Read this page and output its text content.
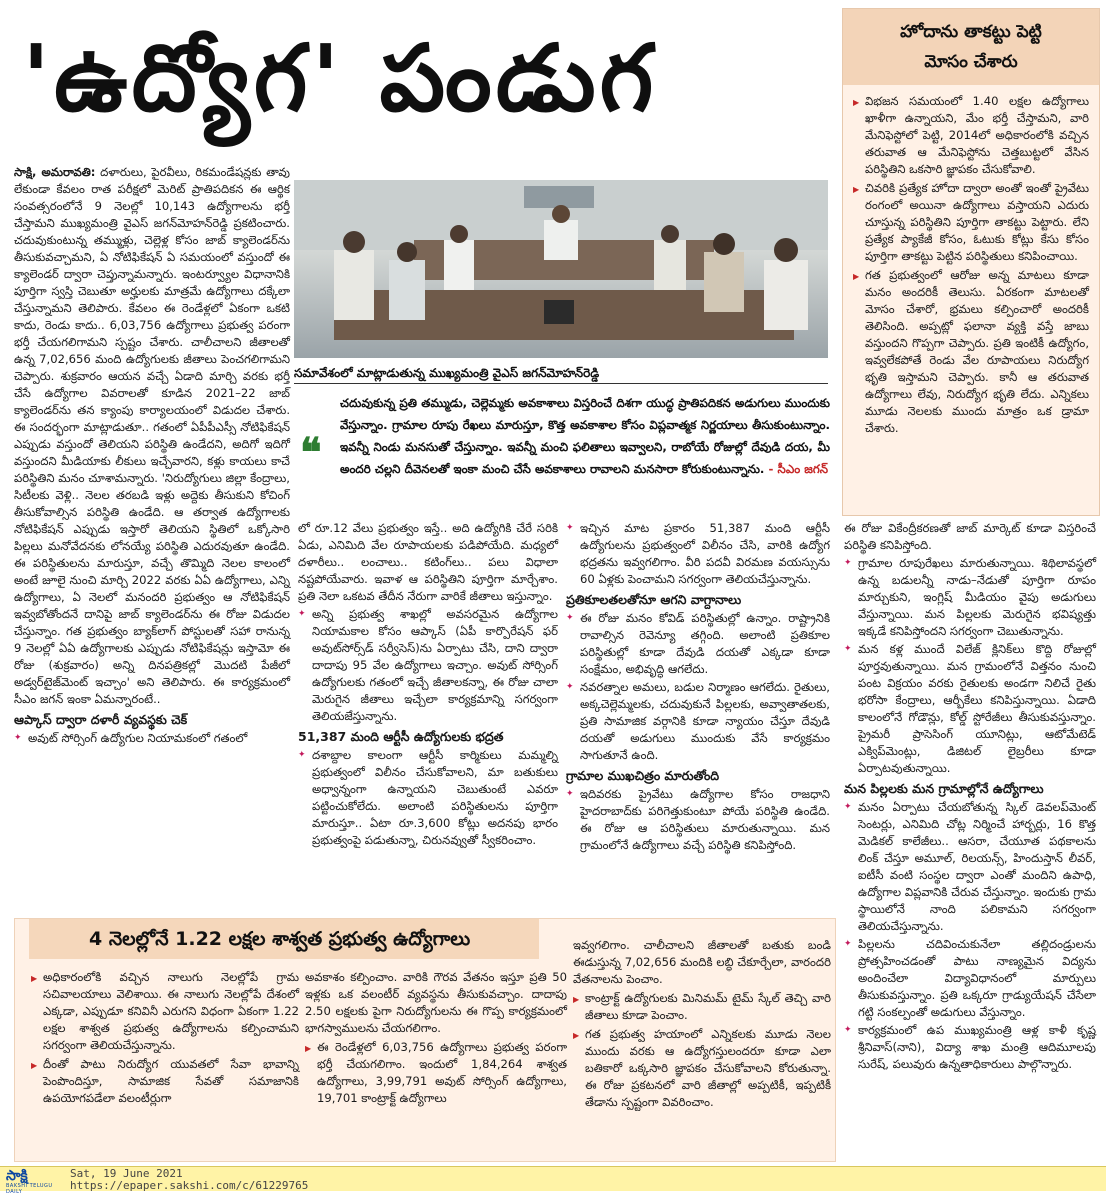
'ఉద్యోగ' పండుగ

సాక్షి, అమరావతి: దళారులు, పైరవీలు, రికమండేషన్లకు తావు లేకుండా కేవలం రాత పరీక్షలో మెరిట్ ప్రాతిపదికన ఈ ఆర్థిక సంవత్సరంలోనే 9 నెలల్లో 10,143 ఉద్యోగాలను భర్తీ చేస్తామని ముఖ్యమంత్రి వైఎస్ జగన్‌మోహన్‌రెడ్డి ప్రకటించారు. చదువుకుంటున్న తమ్ముళ్లు, చెల్లెళ్ల కోసం జాబ్ క్యాలెండర్‌ను తీసుకువచ్చామని, ఏ నోటిఫికేషన్ ఏ సమయంలో వస్తుందో ఈ క్యాలెండర్ ద్వారా చెప్తున్నామన్నారు. ఇంటర్వ్యూల విధానానికి పూర్తిగా స్వస్తి చెబుతూ అర్హులకు మాత్రమే ఉద్యోగాలు దక్కేలా చేస్తున్నామని తెలిపారు. కేవలం ఈ రెండేళ్లలో ఏకంగా ఒకటి కాదు, రెండు కాదు.. 6,03,756 ఉద్యోగాలు ప్రభుత్వ పరంగా భర్తీ చేయగలిగామని స్పష్టం చేశారు. చాలీచాలని జీతాలతో ఉన్న 7,02,656 మంది ఉద్యోగులకు జీతాలు పెంచగలిగామని చెప్పారు. శుక్రవారం ఆయన వచ్చే ఏడాది మార్చి వరకు భర్తీ చేసే ఉద్యోగాల వివరాలతో కూడిన 2021–22 జాబ్ క్యాలెండర్‌ను తన క్యాంపు కార్యాలయంలో విడుదల చేశారు. ఈ సందర్భంగా మాట్లాడుతూ.. గతంలో ఏపీపీఎస్సీ నోటిఫికేషన్ ఎప్పుడు వస్తుందో తెలియని పరిస్థితి ఉండేదని, అదిగో ఇదిగో వస్తుందని మీడియాకు లీకులు ఇచ్చేవారని, కళ్లు కాయలు కాచే పరిస్థితిని మనం చూశామన్నారు. 'నిరుద్యోగులు జిల్లా కేంద్రాలు, సిటీలకు వెళ్లి.. నెలల తరబడి ఇళ్లు అద్దెకు తీసుకుని కోచింగ్ తీసుకోవాల్సిన పరిస్థితి ఉండేది. ఆ తర్వాత ఉద్యోగాలకు నోటిఫికేషన్ ఎప్పుడు ఇస్తారో తెలియని స్థితిలో ఒక్కోసారి పిల్లలు మనోవేదనకు లోనయ్యే పరిస్థితి ఎదురవుతూ ఉండేది. ఈ పరిస్థితులను మారుస్తూ, వచ్చే తొమ్మిది నెలల కాలంలో అంటే జూలై నుంచి మార్చి 2022 వరకు ఏఏ ఉద్యోగాలు, ఎన్ని ఉద్యోగాలు, ఏ నెలలో మనందరి ప్రభుత్వం ఆ నోటిఫికేషన్ ఇవ్వబోతోందనే దానిపై జాబ్ క్యాలెండర్‌ను ఈ రోజు విడుదల చేస్తున్నాం. గత ప్రభుత్వం బ్యాక్‌లాగ్ పోస్టులతో సహా రానున్న 9 నెలల్లో ఏఏ ఉద్యోగాలకు ఎప్పుడు నోటిఫికేషన్లు ఇస్తామో ఈ రోజు (శుక్రవారం) అన్ని దినపత్రికల్లో మొదటి పేజీలో అడ్వర్‌టైజ్‌మెంట్ ఇచ్చాం' అని తెలిపారు. ఈ కార్యక్రమంలో సీఎం జగన్ ఇంకా ఏమన్నారంటే..

ఆప్కాస్ ద్వారా దళారీ వ్యవస్థకు చెక్

✦ అవుట్ సోర్సింగ్ ఉద్యోగుల నియామకంలో గతంలో

సమావేశంలో మాట్లాడుతున్న ముఖ్యమంత్రి వైఎస్ జగన్‌మోహన్‌రెడ్డి
❝
చదువుకున్న ప్రతి తమ్ముడు, చెల్లెమ్మకు అవకాశాలు విస్తరించే దిశగా యుద్ధ ప్రాతిపదికన అడుగులు ముందుకు వేస్తున్నాం. గ్రామాల రూపు రేఖలు మారుస్తూ, కొత్త అవకాశాల కోసం విప్లవాత్మక నిర్ణయాలు తీసుకుంటున్నాం. ఇవన్నీ నిండు మనసుతో చేస్తున్నాం. ఇవన్నీ మంచి ఫలితాలు ఇవ్వాలని, రాబోయే రోజుల్లో దేవుడి దయ, మీ అందరి చల్లని దీవెనలతో ఇంకా మంచి చేసే అవకాశాలు రావాలని మనసారా కోరుకుంటున్నాను. - సీఎం జగన్

లో రూ.12 వేలు ప్రభుత్వం ఇస్తే.. అది ఉద్యోగికి చేరే సరికి ఏడు, ఎనిమిది వేల రూపాయలకు పడిపోయేది. మధ్యలో దళారీలు.. లంచాలు.. కటింగ్‌లు.. పలు విధాలా నష్టపోయేవారు. ఇవాళ ఆ పరిస్థితిని పూర్తిగా మార్చేశాం. ప్రతి నెలా ఒకటవ తేదీన నేరుగా వారికే జీతాలు ఇస్తున్నాం.

✦ అన్ని ప్రభుత్వ శాఖల్లో అవసరమైన ఉద్యోగాల నియామకాల కోసం ఆప్కాస్ (ఏపీ కార్పొరేషన్ ఫర్ అవుట్‌సోర్స్‌డ్ సర్వీసెస్)ను ఏర్పాటు చేసి, దాని ద్వారా దాదాపు 95 వేల ఉద్యోగాలు ఇచ్చాం. అవుట్ సోర్సింగ్ ఉద్యోగులకు గతంలో ఇచ్చే జీతాలకన్నా, ఈ రోజు చాలా మెరుగైన జీతాలు ఇచ్చేలా కార్యక్రమాన్ని సగర్వంగా తెలియజేస్తున్నాను.

51,387 మంది ఆర్టీసీ ఉద్యోగులకు భద్రత

✦ దశాబ్దాల కాలంగా ఆర్టీసీ కార్మికులు మమ్మల్ని ప్రభుత్వంలో విలీనం చేసుకోవాలని, మా బతుకులు అధ్వాన్నంగా ఉన్నాయని చెబుతుంటే ఎవరూ పట్టించుకోలేదు. అలాంటి పరిస్థితులను పూర్తిగా మారుస్తూ.. ఏటా రూ.3,600 కోట్లు అదనపు భారం ప్రభుత్వంపై పడుతున్నా, చిరునవ్వుతో స్వీకరించాం.

✦ ఇచ్చిన మాట ప్రకారం 51,387 మంది ఆర్టీసీ ఉద్యోగులను ప్రభుత్వంలో విలీనం చేసి, వారికి ఉద్యోగ భద్రతను ఇవ్వగలిగాం. వీరి పదవీ విరమణ వయస్సును 60 ఏళ్లకు పెంచామని సగర్వంగా తెలియచేస్తున్నాను.

ప్రతికూలతలతోనూ ఆగని వాగ్దానాలు

✦ ఈ రోజు మనం కోవిడ్ పరిస్థితుల్లో ఉన్నాం. రాష్ట్రానికి రావాల్సిన రెవెన్యూ తగ్గింది. అలాంటి ప్రతికూల పరిస్థితుల్లో కూడా దేవుడి దయతో ఎక్కడా కూడా సంక్షేమం, అభివృద్ధి ఆగలేదు.

✦ నవరత్నాల అమలు, బడుల నిర్మాణం ఆగలేదు. రైతులు, అక్కచెల్లెమ్మలకు, చదువుకునే పిల్లలకు, అవ్వాతాతలకు, ప్రతి సామాజిక వర్గానికి కూడా న్యాయం చేస్తూ దేవుడి దయతో అడుగులు ముందుకు వేసే కార్యక్రమం సాగుతూనే ఉంది.

గ్రామాల ముఖచిత్రం మారుతోంది

✦ ఇదివరకు ప్రైవేటు ఉద్యోగాల కోసం రాజధాని హైదరాబాద్‌కు పరిగెత్తుకుంటూ పోయే పరిస్థితి ఉండేది. ఈ రోజు ఆ పరిస్థితులు మారుతున్నాయి. మన గ్రామంలోనే ఉద్యోగాలు వచ్చే పరిస్థితి కనిపిస్తోంది.

హోదాను తాకట్టు పెట్టి
మోసం చేశారు

▶ విభజన సమయంలో 1.40 లక్షల ఉద్యోగాలు ఖాళీగా ఉన్నాయని, మేం భర్తీ చేస్తామని, వారి మేనిఫెస్టోలో పెట్టి, 2014లో అధికారంలోకి వచ్చిన తరువాత ఆ మేనిఫెస్టోను చెత్తబుట్టలో వేసిన పరిస్థితిని ఒకసారి జ్ఞాపకం చేసుకోవాలి.

▶ చివరికి ప్రత్యేక హోదా ద్వారా అంతో ఇంతో ప్రైవేటు రంగంలో అయినా ఉద్యోగాలు వస్తాయని ఎదురు చూస్తున్న పరిస్థితిని పూర్తిగా తాకట్టు పెట్టారు. లేని ప్రత్యేక ప్యాకేజీ కోసం, ఓటుకు కోట్లు కేసు కోసం పూర్తిగా తాకట్టు పెట్టిన పరిస్థితులు కనిపించాయి.

▶ గత ప్రభుత్వంలో ఆరోజు అన్న మాటలు కూడా మనం అందరికీ తెలుసు. ఏరకంగా మాటలతో మోసం చేశారో, భ్రమలు కల్పించారో అందరికీ తెలిసింది. అప్పట్లో ఫలానా వ్యక్తి వస్తే జాబు వస్తుందని గొప్పగా చెప్పారు. ప్రతి ఇంటికీ ఉద్యోగం, ఇవ్వలేకపోతే రెండు వేల రూపాయలు నిరుద్యోగ భృతి ఇస్తామని చెప్పారు. కానీ ఆ తరువాత ఉద్యోగాలు లేవు, నిరుద్యోగ భృతి లేదు. ఎన్నికలు మూడు నెలలకు ముందు మాత్రం ఒక డ్రామా చేశారు.

ఈ రోజు వికేంద్రీకరణతో జాబ్ మార్కెట్ కూడా విస్తరించే పరిస్థితి కనిపిస్తోంది.

✦ గ్రామాల రూపురేఖలు మారుతున్నాయి. శిథిలావస్థలో ఉన్న బడులన్నీ నాడు–నేడుతో పూర్తిగా రూపం మార్చుకుని, ఇంగ్లిష్ మీడియం వైపు అడుగులు వేస్తున్నాయి. మన పిల్లలకు మెరుగైన భవిష్యత్తు ఇక్కడే కనిపిస్తోందని సగర్వంగా చెబుతున్నాను.

✦ మన కళ్ల ముందే విలేజ్ క్లినిక్‌లు కొద్ది రోజుల్లో పూర్తవుతున్నాయి. మన గ్రామంలోనే విత్తనం నుంచి పంట విక్రయం వరకు రైతులకు అండగా నిలిచే రైతు భరోసా కేంద్రాలు, ఆర్బీకేలు కనిపిస్తున్నాయి. ఏడాది కాలంలోనే గోడౌన్లు, కోల్డ్ స్టోరేజీలు తీసుకువస్తున్నాం. ప్రైమరీ ప్రాసెసింగ్ యూనిట్లు, ఆటోమేటెడ్ ఎక్విప్‌మెంట్లు, డిజిటల్ లైబ్రరీలు కూడా ఏర్పాటవుతున్నాయి.

మన పిల్లలకు మన గ్రామాల్లోనే ఉద్యోగాలు

✦ మనం ఏర్పాటు చేయబోతున్న స్కిల్ డెవలప్‌మెంట్ సెంటర్లు, ఎనిమిది చోట్ల నిర్మించే హార్బర్లు, 16 కొత్త మెడికల్ కాలేజీలు.. ఆసరా, చేయూత పథకాలను లింక్ చేస్తూ అమూల్, రిలయన్స్, హిందుస్తాన్ లీవర్, ఐటీసీ వంటి సంస్థల ద్వారా ఎంతో మందిని ఉపాధి, ఉద్యోగాల విప్లవానికి చేరువ చేస్తున్నాం. ఇందుకు గ్రామ స్థాయిలోనే నాంది పలికామని సగర్వంగా తెలియచేస్తున్నాను.

✦ పిల్లలను చదివించుకునేలా తల్లిదండ్రులను ప్రోత్సహించడంతో పాటు నాణ్యమైన విద్యను అందించేలా విద్యావిధానంలో మార్పులు తీసుకువస్తున్నాం. ప్రతి ఒక్కరూ గ్రాడ్యుయేషన్ చేసేలా గట్టి సంకల్పంతో అడుగులు వేస్తున్నాం.

✦ కార్యక్రమంలో ఉప ముఖ్యమంత్రి ఆళ్ల కాళీ కృష్ణ శ్రీనివాస్(నాని), విద్యా శాఖ మంత్రి ఆదిమూలపు సురేష్, పలువురు ఉన్నతాధికారులు పాల్గొన్నారు.

4 నెలల్లోనే 1.22 లక్షల శాశ్వత ప్రభుత్వ ఉద్యోగాలు

▶ అధికారంలోకి వచ్చిన నాలుగు నెలల్లోపే గ్రామ సచివాలయాలు వెలిశాయి. ఈ నాలుగు నెలల్లోపే దేశంలో ఎక్కడా, ఎప్పుడూ కనివినీ ఎరుగని విధంగా ఏకంగా 1.22 లక్షల శాశ్వత ప్రభుత్వ ఉద్యోగాలను కల్పించామని సగర్వంగా తెలియచేస్తున్నాను.

▶ దీంతో పాటు నిరుద్యోగ యువతలో సేవా భావాన్ని పెంపొందిస్తూ, సామాజిక సేవతో సమాజానికి ఉపయోగపడేలా వలంటీర్లుగా

అవకాశం కల్పించాం. వారికి గౌరవ వేతనం ఇస్తూ ప్రతి 50 ఇళ్లకు ఒక వలంటీర్ వ్యవస్థను తీసుకువచ్చాం. దాదాపు 2.50 లక్షలకు పైగా నిరుద్యోగులను ఈ గొప్ప కార్యక్రమంలో భాగస్వాములను చేయగలిగాం.

▶ ఈ రెండేళ్లలో 6,03,756 ఉద్యోగాలు ప్రభుత్వ పరంగా భర్తీ చేయగలిగాం. ఇందులో 1,84,264 శాశ్వత ఉద్యోగాలు, 3,99,791 అవుట్ సోర్సింగ్ ఉద్యోగాలు, 19,701 కాంట్రాక్ట్ ఉద్యోగాలు

ఇవ్వగలిగాం. చాలీచాలని జీతాలతో బతుకు బండి ఈడుస్తున్న 7,02,656 మందికి లబ్ధి చేకూర్చేలా, వారందరి వేతనాలను పెంచాం.

▶ కాంట్రాక్ట్ ఉద్యోగులకు మినిమమ్ టైమ్ స్కేల్ తెచ్చి వారి జీతాలు కూడా పెంచాం.

▶ గత ప్రభుత్వ హయాంలో ఎన్నికలకు మూడు నెలల ముందు వరకు ఆ ఉద్యోగస్తులందరూ కూడా ఎలా బతికారో ఒక్కసారి జ్ఞాపకం చేసుకోవాలని కోరుతున్నా. ఈ రోజు ప్రకటనలో వారి జీతాల్లో అప్పటికీ, ఇప్పటికీ తేడాను స్పష్టంగా వివరించాం.

సాక్షి
BAKSHI TELUGU DAILY
Sat, 19 June 2021
https://epaper.sakshi.com/c/61229765
